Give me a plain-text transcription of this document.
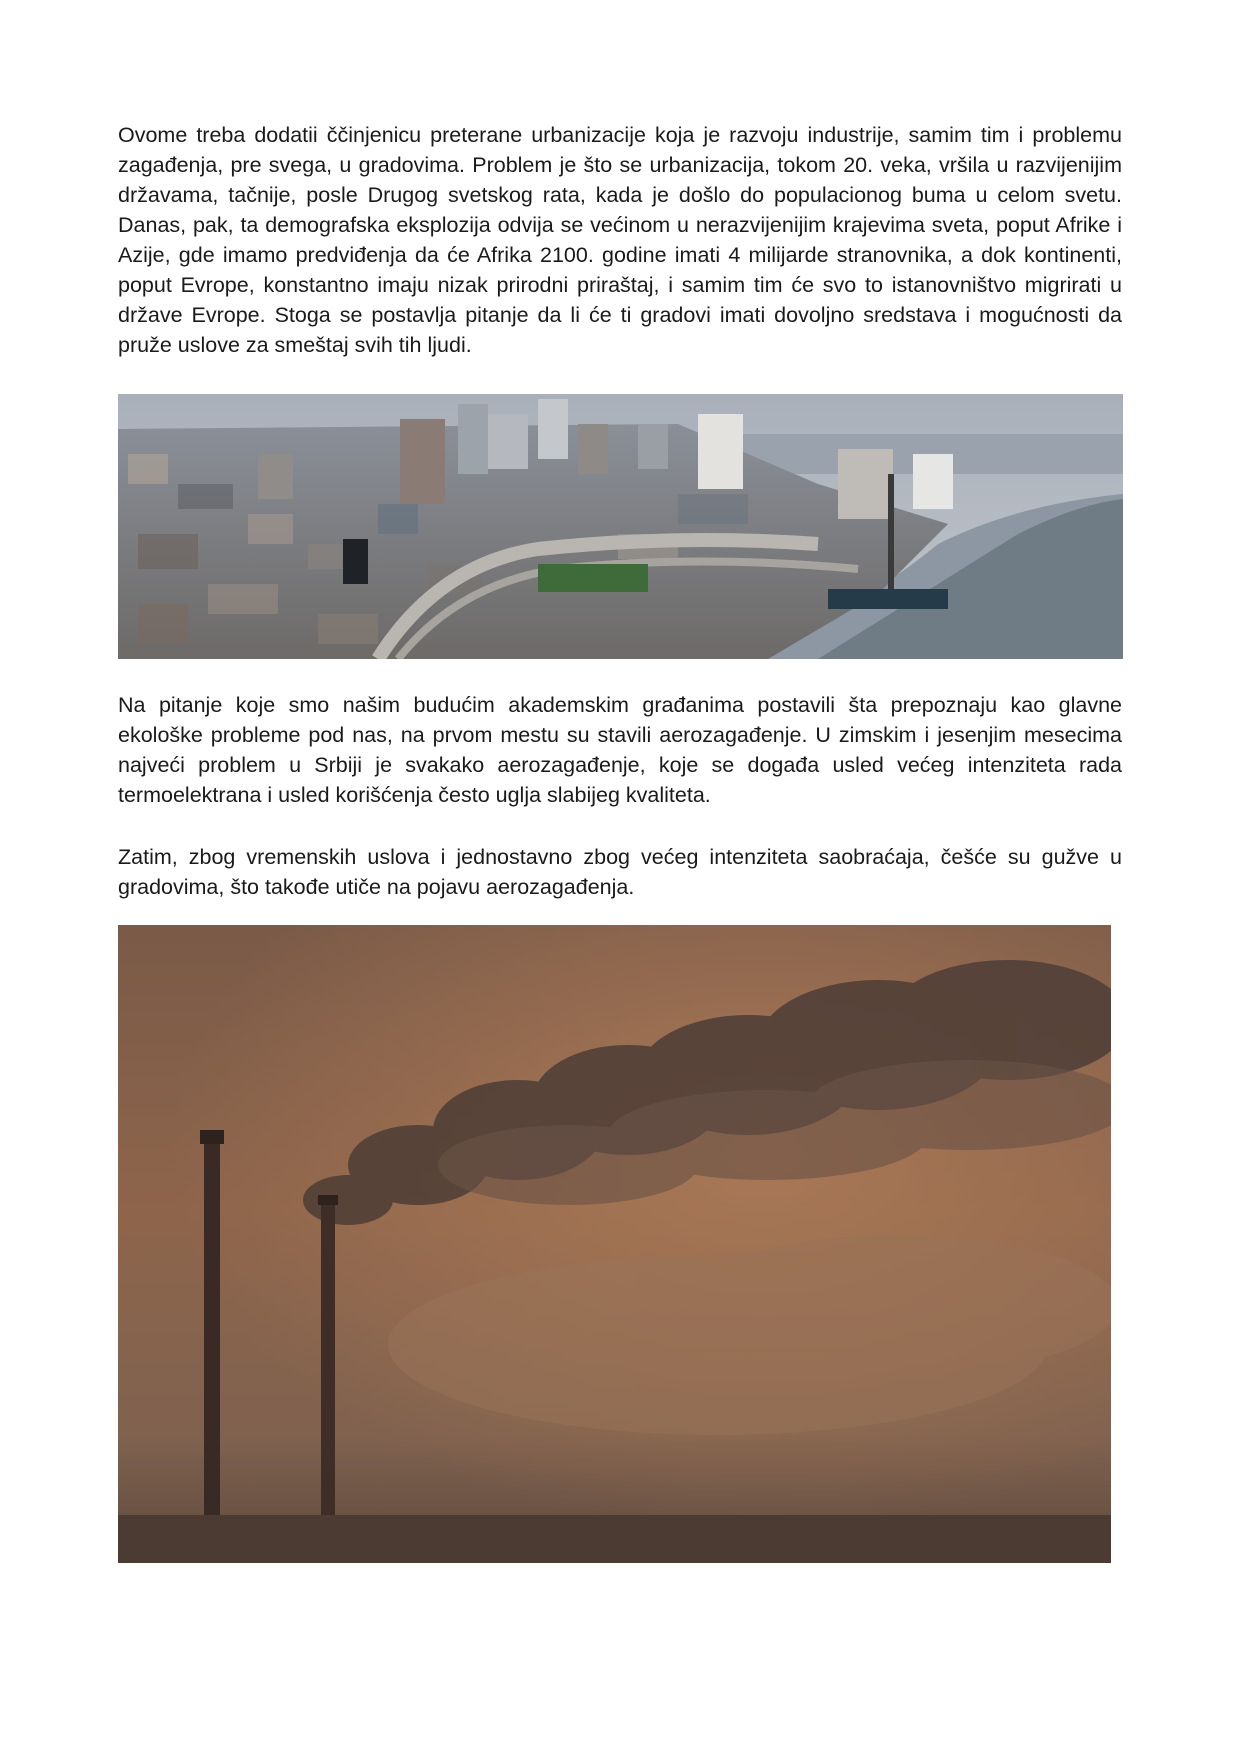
Ovome treba dodatii ččinjenicu preterane urbanizacije koja je razvoju industrije, samim tim i problemu zagađenja, pre svega, u gradovima. Problem je što se urbanizacija, tokom 20. veka, vršila u razvijenijim državama, tačnije, posle Drugog svetskog rata, kada je došlo do populacionog buma u celom svetu. Danas, pak, ta demografska eksplozija odvija se većinom u nerazvijenijim krajevima sveta, poput Afrike i Azije, gde imamo predviđenja da će Afrika 2100. godine imati 4 milijarde stranovnika, a dok kontinenti, poput Evrope, konstantno imaju nizak prirodni priraštaj, i samim tim će svo to istanovništvo migrirati u države Evrope. Stoga se postavlja pitanje da li će ti gradovi imati dovoljno sredstava i mogućnosti da pruže uslove za smeštaj svih tih ljudi.

Na pitanje koje smo našim budućim akademskim građanima postavili šta prepoznaju kao glavne ekološke probleme pod nas, na prvom mestu su stavili aerozagađenje. U zimskim i jesenjim mesecima najveći problem u Srbiji je svakako aerozagađenje, koje se događa usled većeg intenziteta rada termoelektrana i usled korišćenja često uglja slabijeg kvaliteta.

Zatim, zbog vremenskih uslova i jednostavno zbog većeg intenziteta saobraćaja, češće su gužve u gradovima, što takođe utiče na pojavu aerozagađenja.
